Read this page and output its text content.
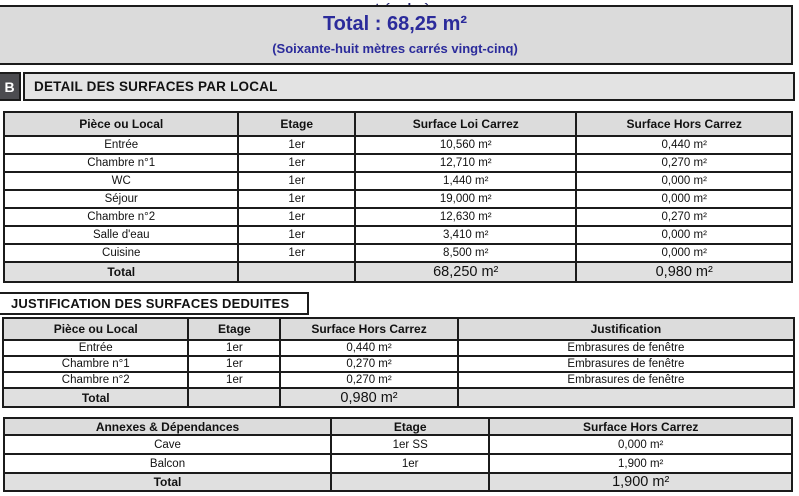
Total : 68,25 m²
(Soixante-huit mètres carrés vingt-cinq)
B	DETAIL DES SURFACES PAR LOCAL
Pièce ou Local	Etage	Surface Loi Carrez	Surface Hors Carrez
Entrée	1er	10,560 m²	0,440 m²
Chambre n°1	1er	12,710 m²	0,270 m²
WC	1er	1,440 m²	0,000 m²
Séjour	1er	19,000 m²	0,000 m²
Chambre n°2	1er	12,630 m²	0,270 m²
Salle d'eau	1er	3,410 m²	0,000 m²
Cuisine	1er	8,500 m²	0,000 m²
Total		68,250 m²	0,980 m²
JUSTIFICATION DES SURFACES DEDUITES
Pièce ou Local	Etage	Surface Hors Carrez	Justification
Entrée	1er	0,440 m²	Embrasures de fenêtre
Chambre n°1	1er	0,270 m²	Embrasures de fenêtre
Chambre n°2	1er	0,270 m²	Embrasures de fenêtre
Total		0,980 m²	
Annexes & Dépendances	Etage	Surface Hors Carrez
Cave	1er SS	0,000 m²
Balcon	1er	1,900 m²
Total		1,900 m²
